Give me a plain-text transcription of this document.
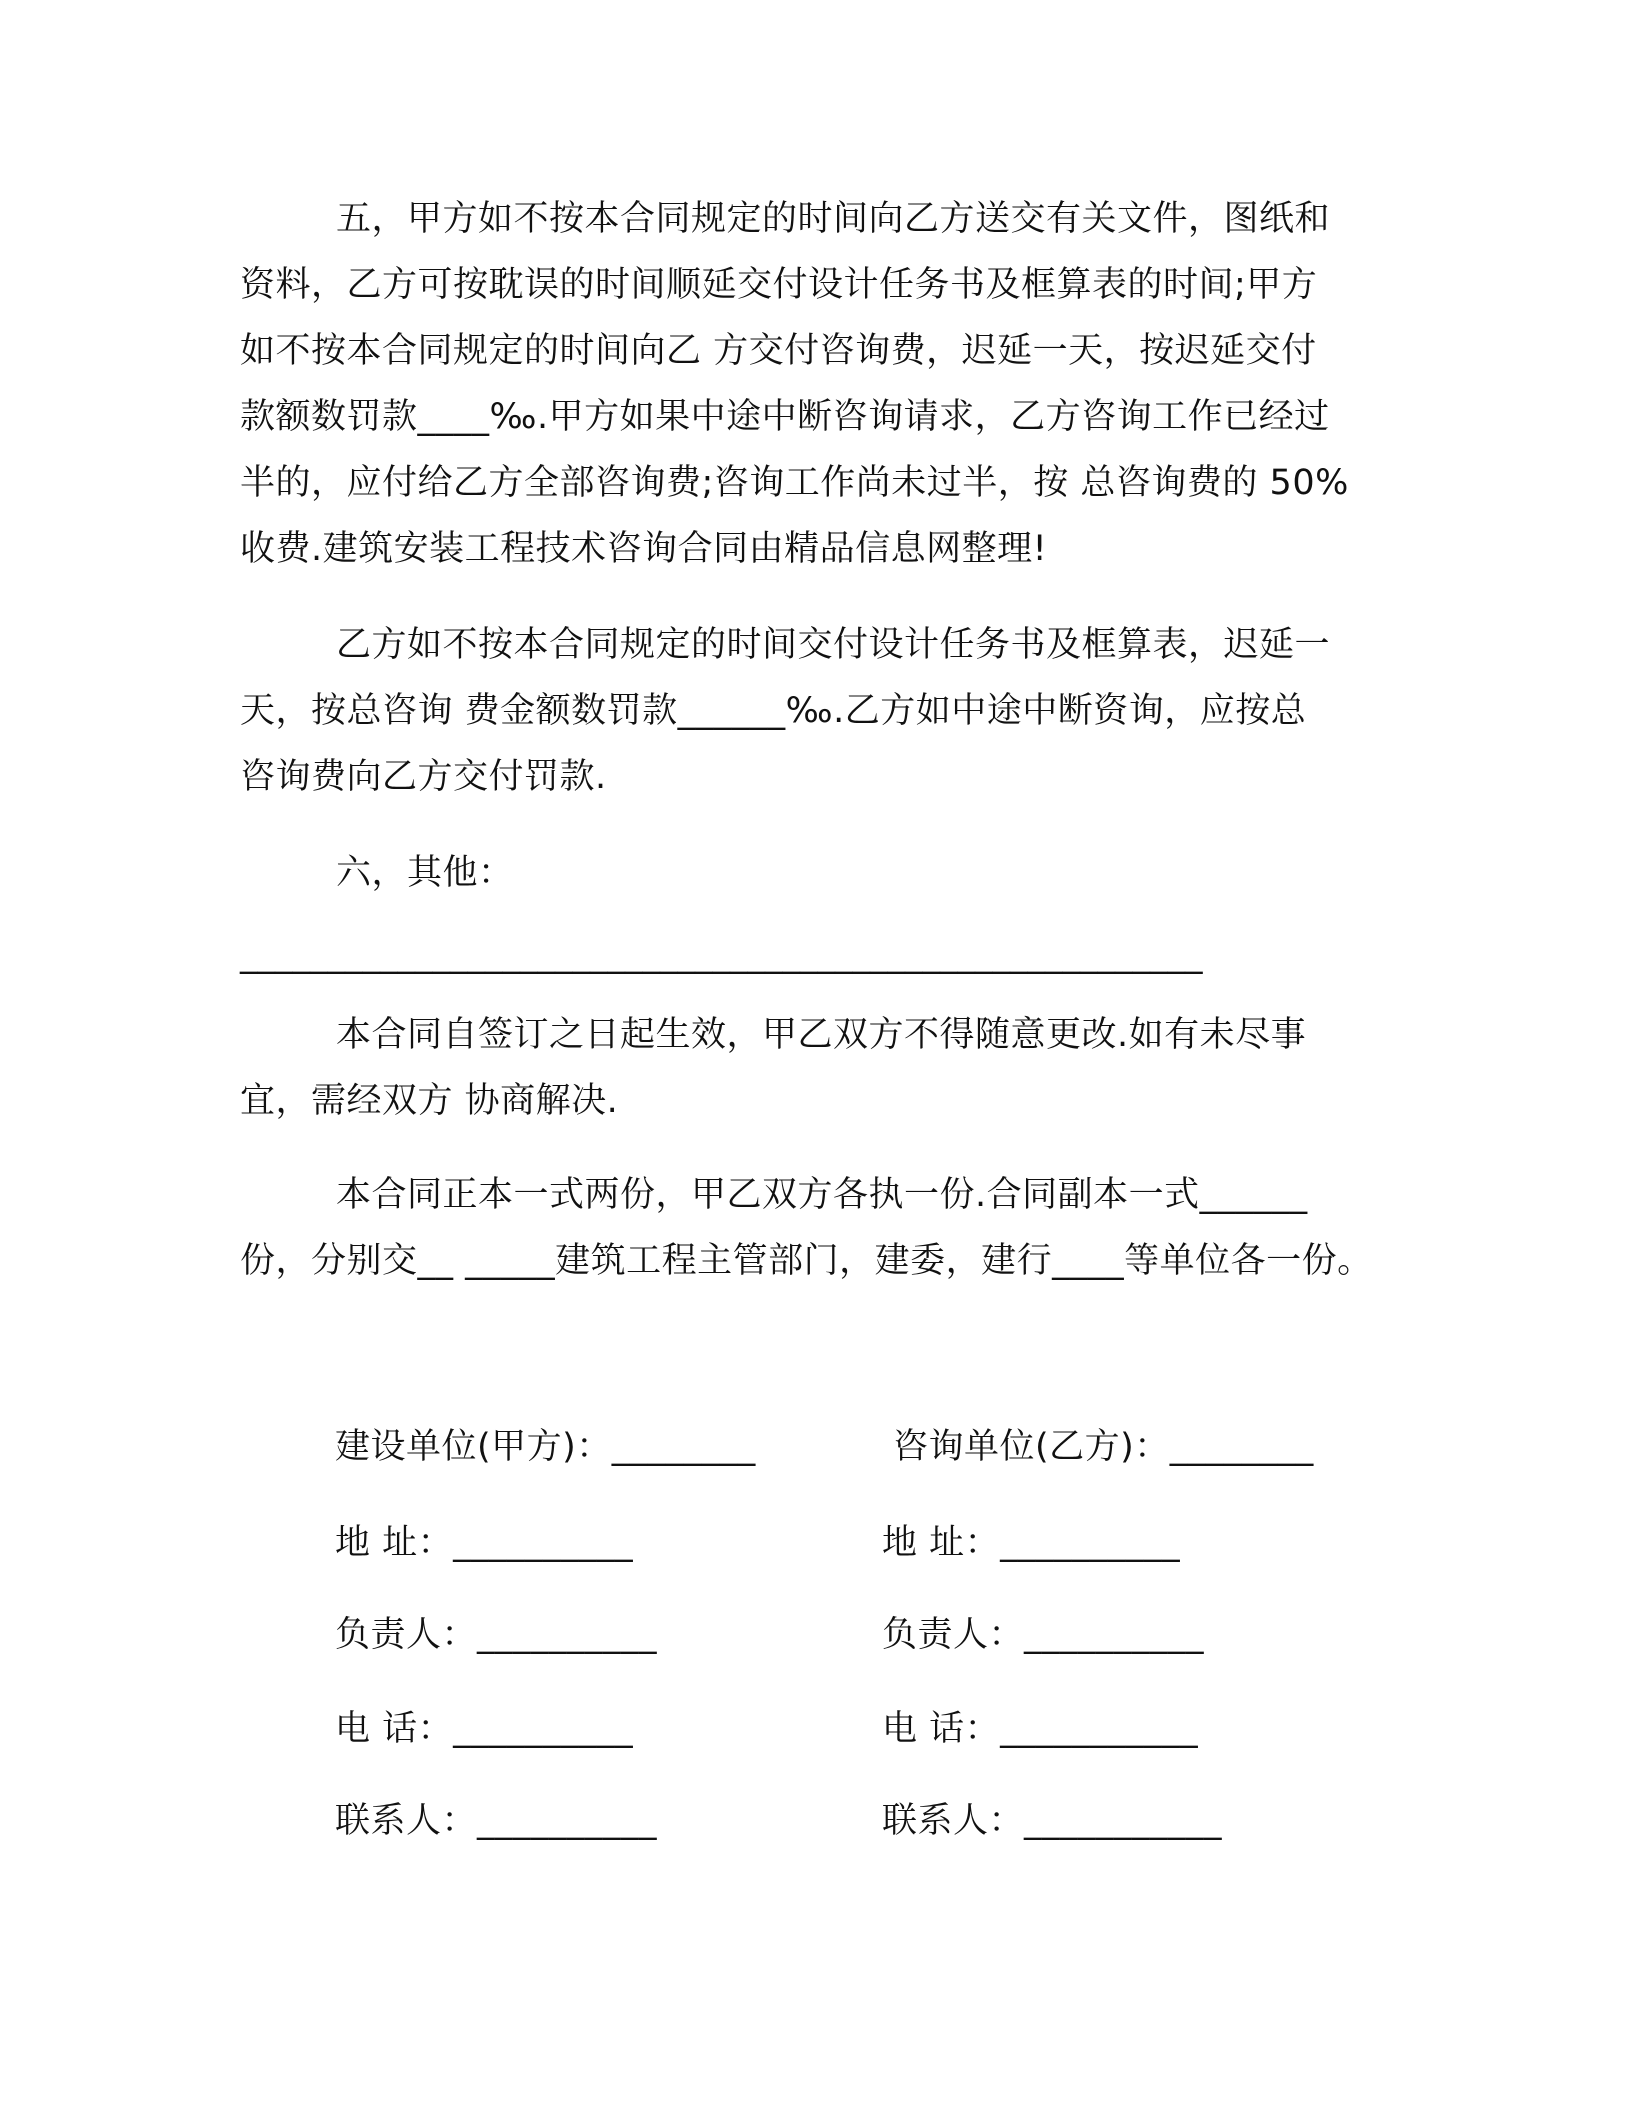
五，甲方如不按本合同规定的时间向乙方送交有关文件，图纸和
资料，乙方可按耽误的时间顺延交付设计任务书及框算表的时间;甲方
如不按本合同规定的时间向乙 方交付咨询费，迟延一天，按迟延交付
款额数罚款____‰.甲方如果中途中断咨询请求，乙方咨询工作已经过
半的，应付给乙方全部咨询费;咨询工作尚未过半，按 总咨询费的 50%
收费.建筑安装工程技术咨询合同由精品信息网整理!

乙方如不按本合同规定的时间交付设计任务书及框算表，迟延一
天，按总咨询 费金额数罚款______‰.乙方如中途中断资询，应按总
咨询费向乙方交付罚款.

六，其他：

_______________________________________________________

本合同自签订之日起生效，甲乙双方不得随意更改.如有未尽事
宜，需经双方 协商解决.

本合同正本一式两份，甲乙双方各执一份.合同副本一式______
份，分别交__ _____建筑工程主管部门，建委，建行____等单位各一份。

建设单位(甲方)：________
地 址：__________
负责人：__________
电 话：__________
联系人：__________
咨询单位(乙方)：________
地 址：__________
负责人：__________
电 话：___________
联系人：___________
